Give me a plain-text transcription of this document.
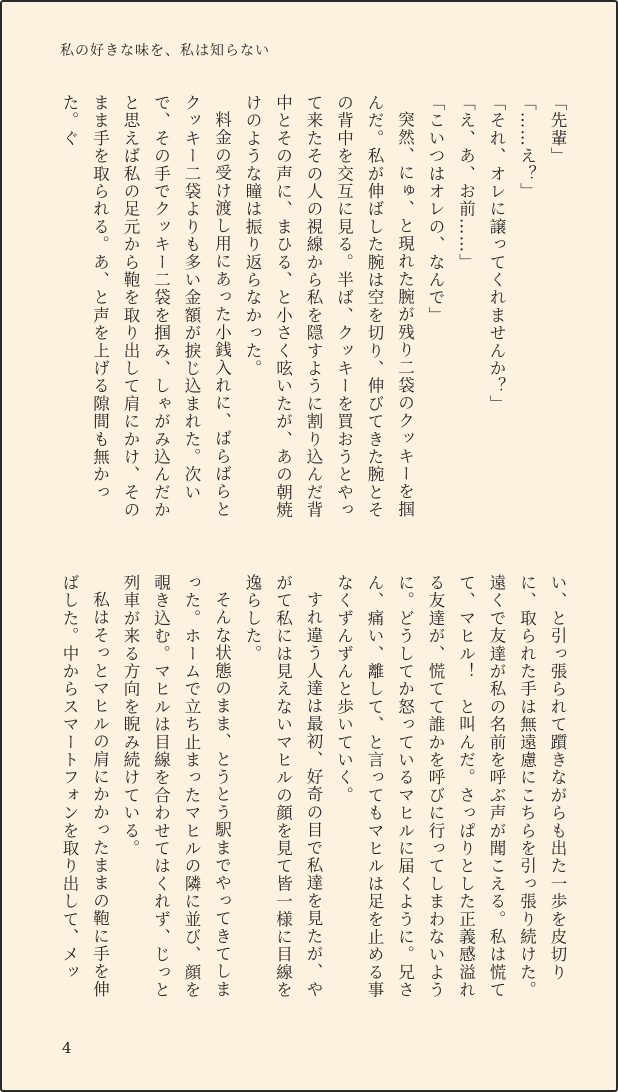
私の好きな味を、私は知らない

「先輩」

「……え？」

「それ、オレに譲ってくれませんか？」

「え、あ、お前……」

「こいつはオレの、なんで」

突然、にゅ、と現れた腕が残り二袋のクッキーを掴んだ。私が伸ばした腕は空を切り、伸びてきた腕とその背中を交互に見る。半ば、クッキーを買おうとやって来たその人の視線から私を隠すように割り込んだ背中とその声に、まひる、と小さく呟いたが、あの朝焼けのような瞳は振り返らなかった。

料金の受け渡し用にあった小銭入れに、ばらばらとクッキー二袋よりも多い金額が捩じ込まれた。次いで、その手でクッキー二袋を掴み、しゃがみ込んだかと思えば私の足元から鞄を取り出して肩にかけ、そのまま手を取られる。あ、と声を上げる隙間も無かった。ぐ

い、と引っ張られて躓きながらも出た一歩を皮切りに、取られた手は無遠慮にこちらを引っ張り続けた。遠くで友達が私の名前を呼ぶ声が聞こえる。私は慌てて、マヒル！　と叫んだ。さっぱりとした正義感溢れる友達が、慌てて誰かを呼びに行ってしまわないように。どうしてか怒っているマヒルに届くように。兄さん、痛い、離して、と言ってもマヒルは足を止める事なくずんずんと歩いていく。

すれ違う人達は最初、好奇の目で私達を見たが、やがて私には見えないマヒルの顔を見て皆一様に目線を逸らした。

そんな状態のまま、とうとう駅までやってきてしまった。ホームで立ち止まったマヒルの隣に並び、顔を覗き込む。マヒルは目線を合わせてはくれず、じっと列車が来る方向を睨み続けている。

私はそっとマヒルの肩にかかったままの鞄に手を伸ばした。中からスマートフォンを取り出して、メッ

4
